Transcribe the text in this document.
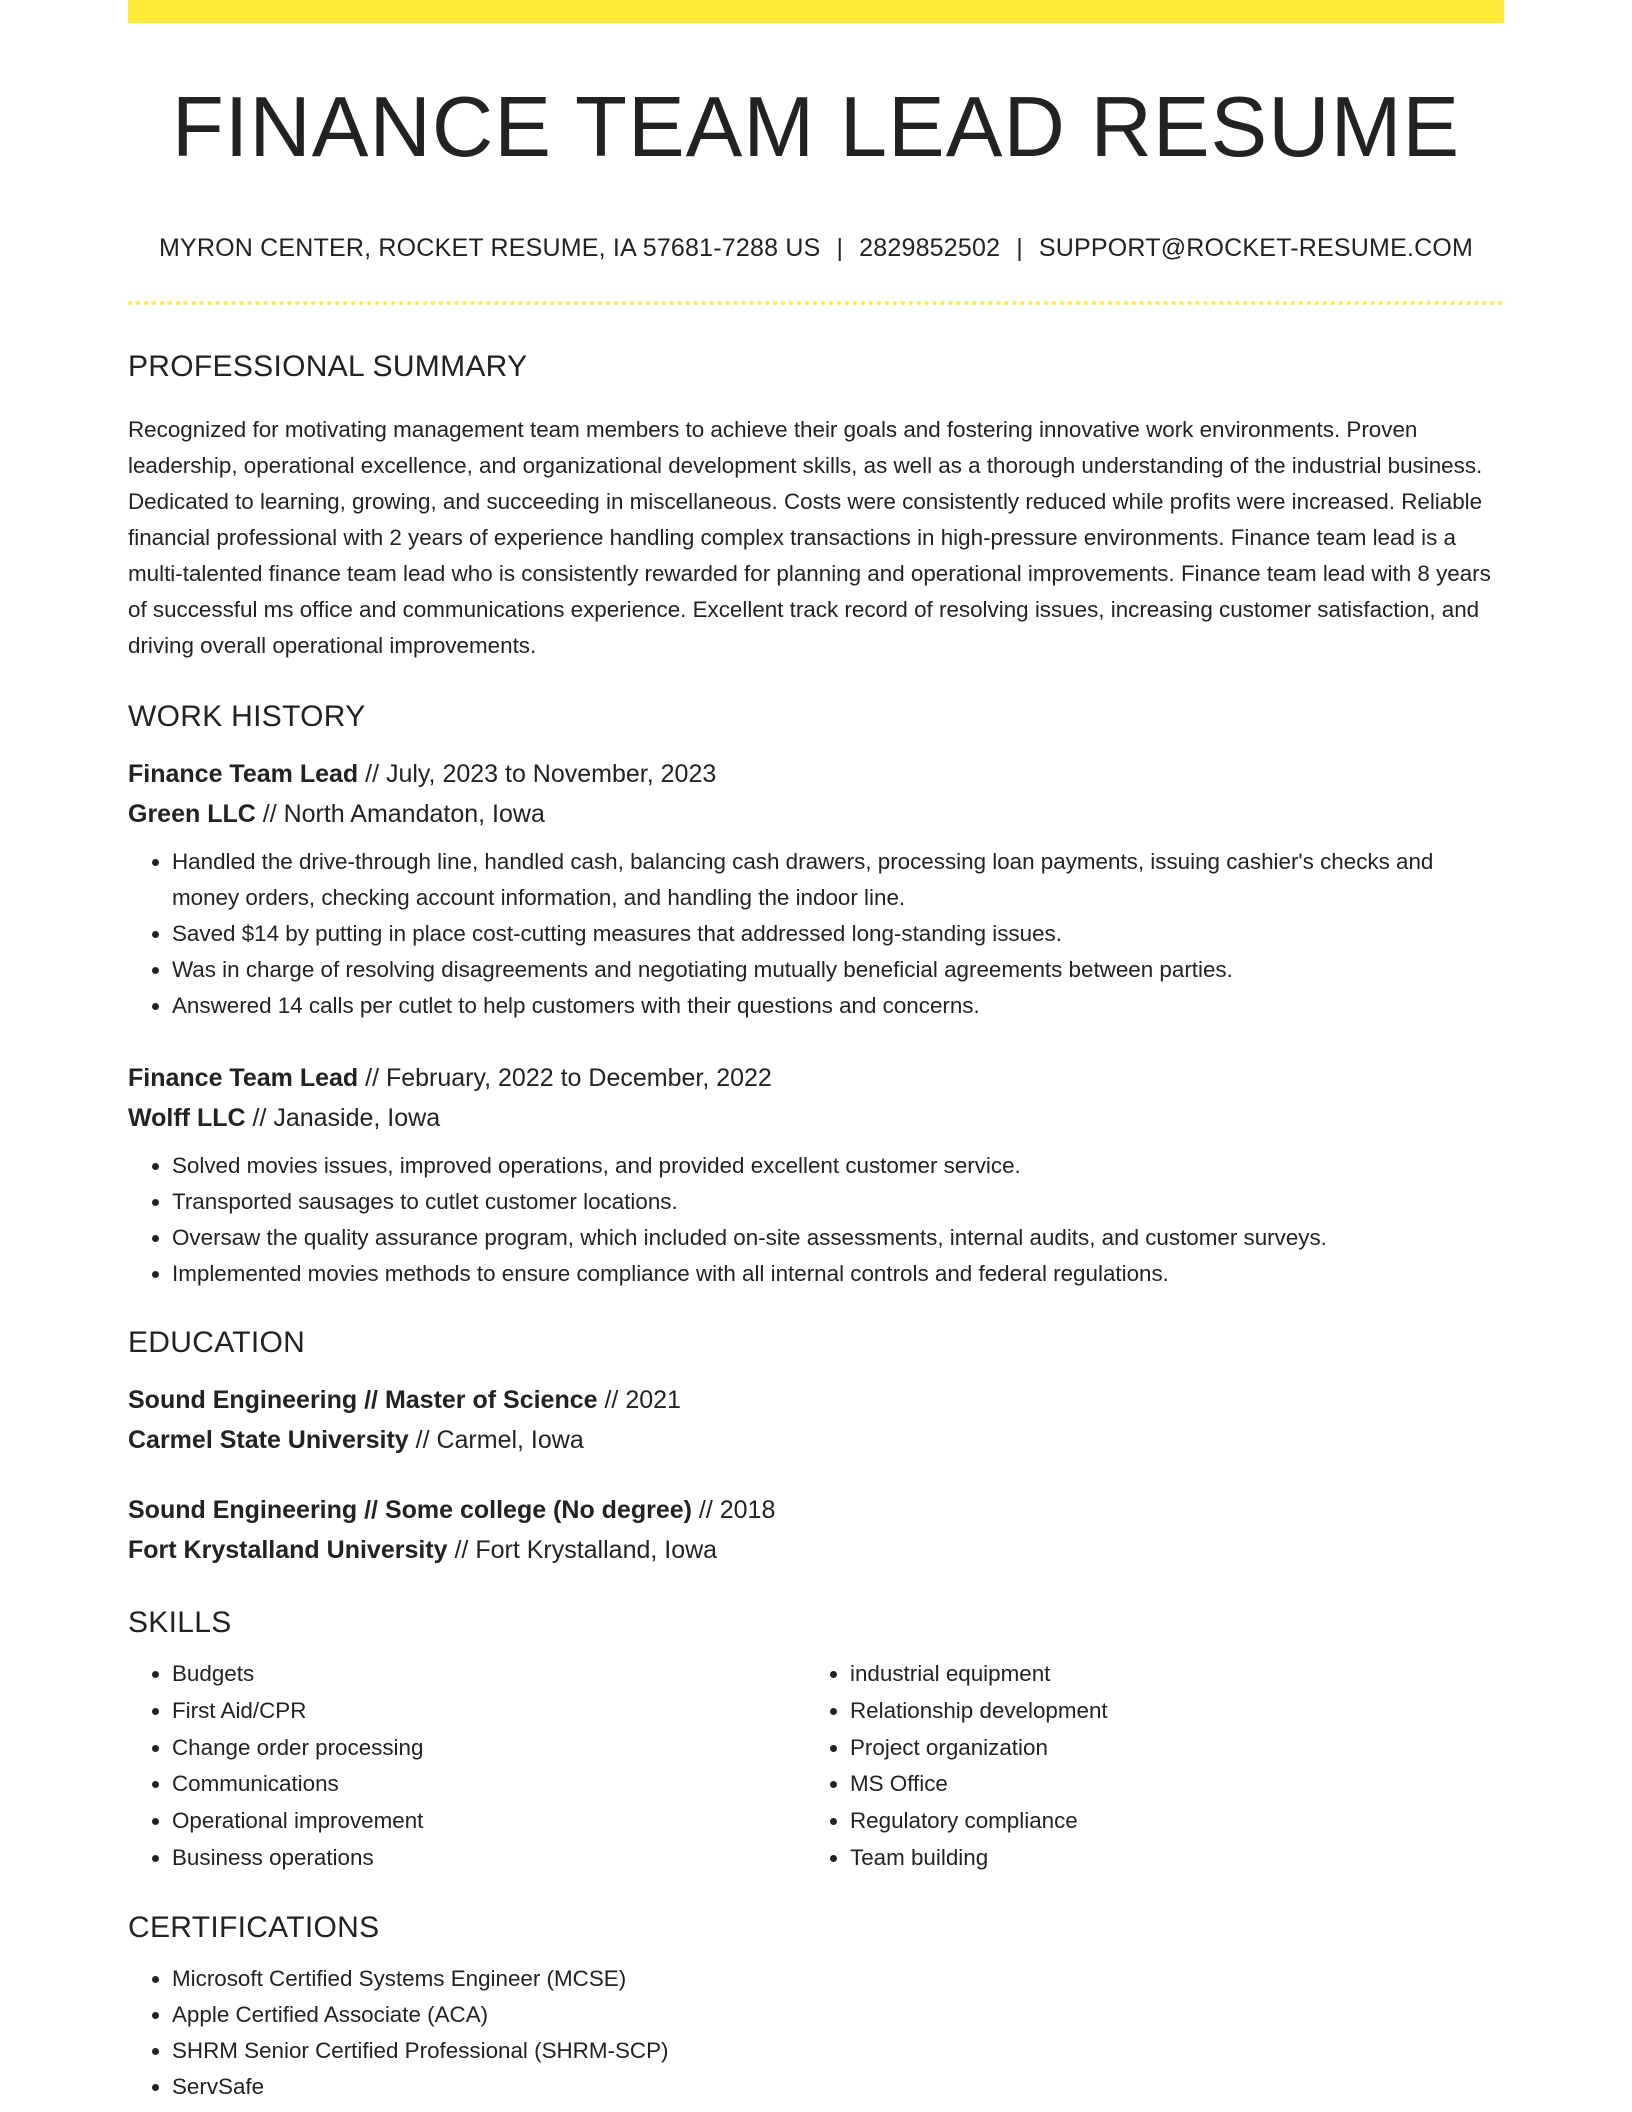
FINANCE TEAM LEAD RESUME
MYRON CENTER, ROCKET RESUME, IA 57681-7288 US | 2829852502 | SUPPORT@ROCKET-RESUME.COM
PROFESSIONAL SUMMARY

Recognized for motivating management team members to achieve their goals and fostering innovative work environments. Proven leadership, operational excellence, and organizational development skills, as well as a thorough understanding of the industrial business. Dedicated to learning, growing, and succeeding in miscellaneous. Costs were consistently reduced while profits were increased. Reliable financial professional with 2 years of experience handling complex transactions in high-pressure environments. Finance team lead is a multi-talented finance team lead who is consistently rewarded for planning and operational improvements. Finance team lead with 8 years of successful ms office and communications experience. Excellent track record of resolving issues, increasing customer satisfaction, and driving overall operational improvements.

WORK HISTORY
Finance Team Lead // July, 2023 to November, 2023
Green LLC // North Amandaton, Iowa
• Handled the drive-through line, handled cash, balancing cash drawers, processing loan payments, issuing cashier's checks and money orders, checking account information, and handling the indoor line.
• Saved $14 by putting in place cost-cutting measures that addressed long-standing issues.
• Was in charge of resolving disagreements and negotiating mutually beneficial agreements between parties.
• Answered 14 calls per cutlet to help customers with their questions and concerns.
Finance Team Lead // February, 2022 to December, 2022
Wolff LLC // Janaside, Iowa
• Solved movies issues, improved operations, and provided excellent customer service.
• Transported sausages to cutlet customer locations.
• Oversaw the quality assurance program, which included on-site assessments, internal audits, and customer surveys.
• Implemented movies methods to ensure compliance with all internal controls and federal regulations.
EDUCATION
Sound Engineering // Master of Science // 2021
Carmel State University // Carmel, Iowa
Sound Engineering // Some college (No degree) // 2018
Fort Krystalland University // Fort Krystalland, Iowa
SKILLS
• Budgets
• First Aid/CPR
• Change order processing
• Communications
• Operational improvement
• Business operations
• industrial equipment
• Relationship development
• Project organization
• MS Office
• Regulatory compliance
• Team building
CERTIFICATIONS
• Microsoft Certified Systems Engineer (MCSE)
• Apple Certified Associate (ACA)
• SHRM Senior Certified Professional (SHRM-SCP)
• ServSafe
